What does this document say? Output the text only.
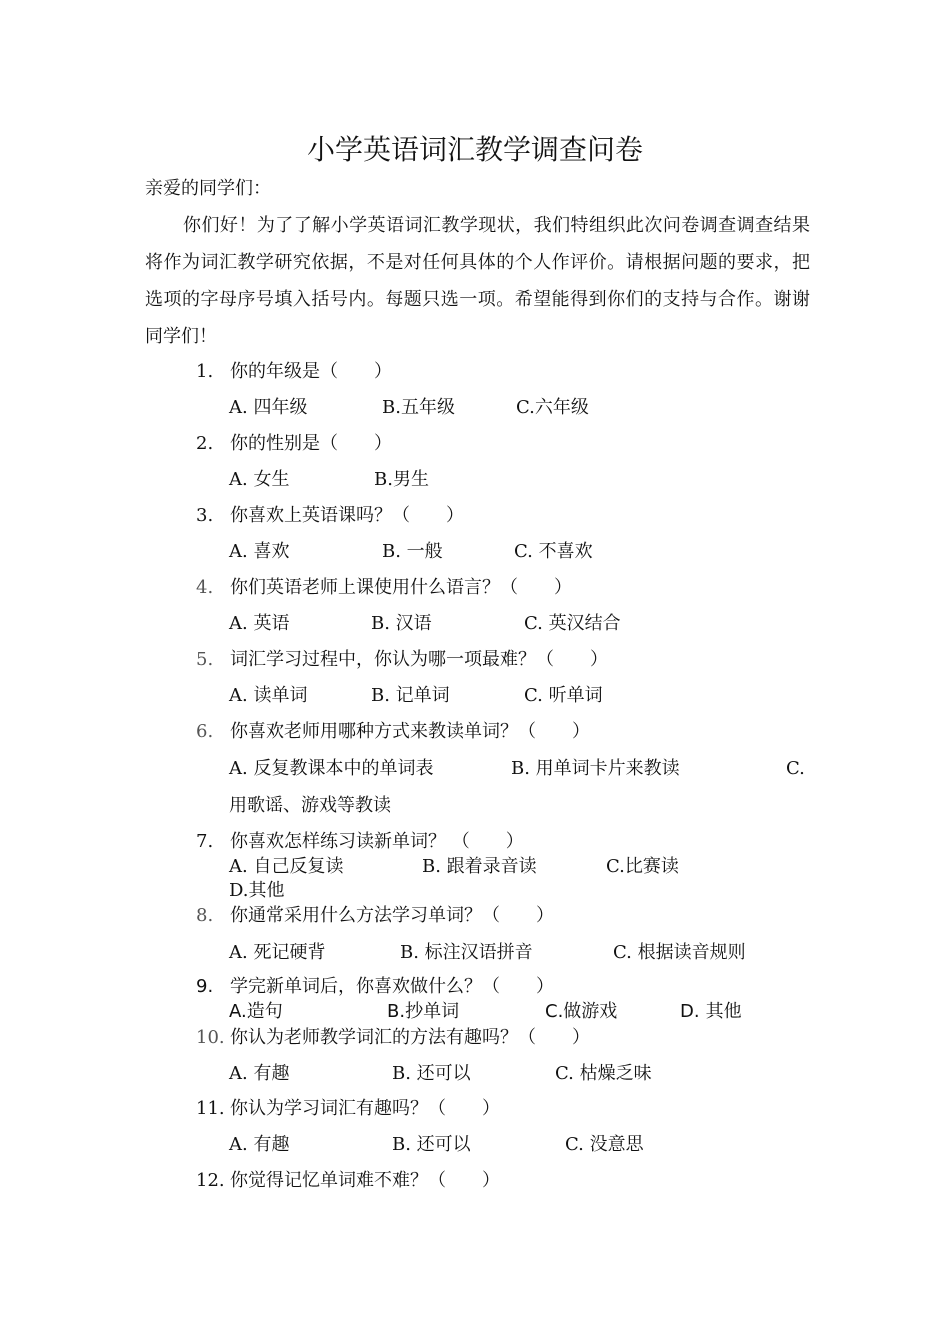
小学英语词汇教学调查问卷
亲爱的同学们：
你们好！为了了解小学英语词汇教学现状，我们特组织此次问卷调查调查结果将作为词汇教学研究依据，不是对任何具体的个人作评价。请根据问题的要求，把选项的字母序号填入括号内。每题只选一项。希望能得到你们的支持与合作。谢谢同学们！
1. 你的年级是（　　）
A. 四年级	B.五年级	C.六年级
2. 你的性别是（　　）
A. 女生	B.男生
3. 你喜欢上英语课吗？（　　）
A. 喜欢	B. 一般	C. 不喜欢
4. 你们英语老师上课使用什么语言？（　　）
A. 英语	B. 汉语	C. 英汉结合
5. 词汇学习过程中，你认为哪一项最难？（　　）
A. 读单词	B. 记单词	C. 听单词
6. 你喜欢老师用哪种方式来教读单词？（　　）
A. 反复教课本中的单词表	B. 用单词卡片来教读	C.
用歌谣、游戏等教读
7. 你喜欢怎样练习读新单词？ （　　）
A. 自己反复读	B. 跟着录音读	C.比赛读
D.其他
8. 你通常采用什么方法学习单词？（　　）
A. 死记硬背	B. 标注汉语拼音	C. 根据读音规则
9. 学完新单词后，你喜欢做什么？（　　）
A.造句	B.抄单词	C.做游戏	D. 其他
10. 你认为老师教学词汇的方法有趣吗？（　　）
A. 有趣	B. 还可以	C. 枯燥乏味
11. 你认为学习词汇有趣吗？（　　）
A. 有趣	B. 还可以	C. 没意思
12. 你觉得记忆单词难不难？（　　）
